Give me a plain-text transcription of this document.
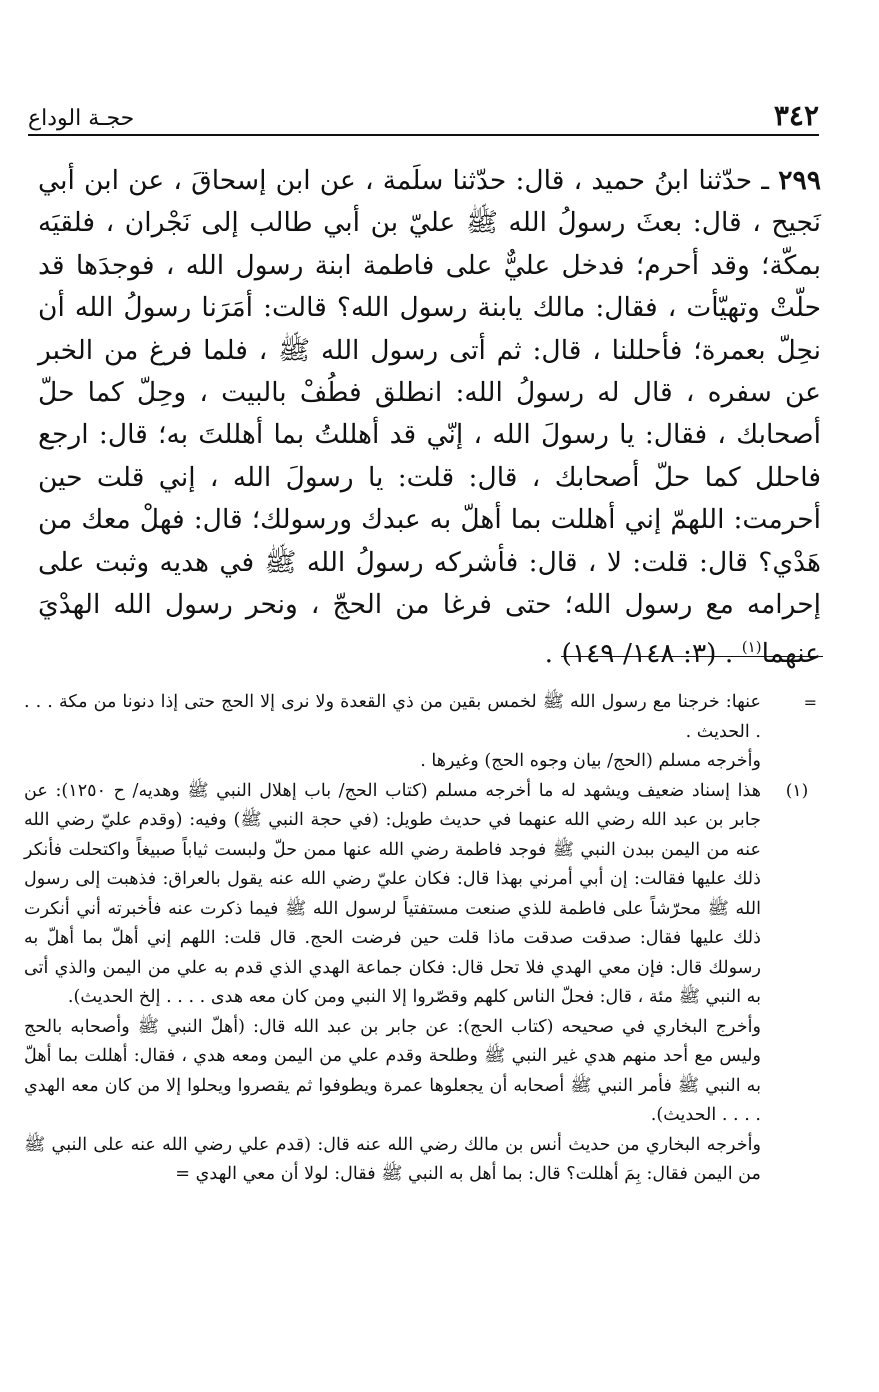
٣٤٢
حجـة الوداع

٢٩٩ ـ حدّثنا ابنُ حميد ، قال: حدّثنا سلَمة ، عن ابن إسحاقَ ، عن ابن أبي نَجيح ، قال: بعثَ رسولُ الله ﷺ عليّ بن أبي طالب إلى نَجْران ، فلقيَه بمكّة؛ وقد أحرم؛ فدخل عليٌّ على فاطمة ابنة رسول الله ، فوجدَها قد حلّتْ وتهيّأت ، فقال: مالك يابنة رسول الله؟ قالت: أمَرَنا رسولُ الله أن نحِلّ بعمرة؛ فأحللنا ، قال: ثم أتى رسول الله ﷺ ، فلما فرغ من الخبر عن سفره ، قال له رسولُ الله: انطلق فطُفْ بالبيت ، وحِلّ كما حلّ أصحابك ، فقال: يا رسولَ الله ، إنّي قد أهللتُ بما أهللتَ به؛ قال: ارجع فاحلل كما حلّ أصحابك ، قال: قلت: يا رسولَ الله ، إني قلت حين أحرمت: اللهمّ إني أهللت بما أهلّ به عبدك ورسولك؛ قال: فهلْ معك من هَدْي؟ قال: قلت: لا ، قال: فأشركه رسولُ الله ﷺ في هديه وثبت على إحرامه مع رسول الله؛ حتى فرغا من الحجّ ، ونحر رسول الله الهدْيَ عنهما$^{(١)}$ . (٣: ١٤٨/ ١٤٩) .

=

عنها: خرجنا مع رسول الله ﷺ لخمس بقين من ذي القعدة ولا نرى إلا الحج حتى إذا دنونا من مكة . . . . الحديث .

وأخرجه مسلم (الحج/ بيان وجوه الحج) وغيرها .

(١)

هذا إسناد ضعيف ويشهد له ما أخرجه مسلم (كتاب الحج/ باب إهلال النبي ﷺ وهديه/ ح ١٢٥٠): عن جابر بن عبد الله رضي الله عنهما في حديث طويل: (في حجة النبي ﷺ) وفيه: (وقدم عليّ رضي الله عنه من اليمن ببدن النبي ﷺ فوجد فاطمة رضي الله عنها ممن حلّ ولبست ثياباً صبيغاً واكتحلت فأنكر ذلك عليها فقالت: إن أبي أمرني بهذا قال: فكان عليّ رضي الله عنه يقول بالعراق: فذهبت إلى رسول الله ﷺ محرّشاً على فاطمة للذي صنعت مستفتياً لرسول الله ﷺ فيما ذكرت عنه فأخبرته أني أنكرت ذلك عليها فقال: صدقت صدقت ماذا قلت حين فرضت الحج. قال قلت: اللهم إني أهلّ بما أهلّ به رسولك قال: فإن معي الهدي فلا تحل قال: فكان جماعة الهدي الذي قدم به علي من اليمن والذي أتى به النبي ﷺ مئة ، قال: فحلّ الناس كلهم وقصّروا إلا النبي ومن كان معه هدى . . . . إلخ الحديث).

وأخرج البخاري في صحيحه (كتاب الحج): عن جابر بن عبد الله قال: (أهلّ النبي ﷺ وأصحابه بالحج وليس مع أحد منهم هدي غير النبي ﷺ وطلحة وقدم علي من اليمن ومعه هدي ، فقال: أهللت بما أهلّ به النبي ﷺ فأمر النبي ﷺ أصحابه أن يجعلوها عمرة ويطوفوا ثم يقصروا ويحلوا إلا من كان معه الهدي . . . . الحديث).

وأخرجه البخاري من حديث أنس بن مالك رضي الله عنه قال: (قدم علي رضي الله عنه على النبي ﷺ من اليمن فقال: بِمَ أهللت؟ قال: بما أهل به النبي ﷺ فقال: لولا أن معي الهدي =
